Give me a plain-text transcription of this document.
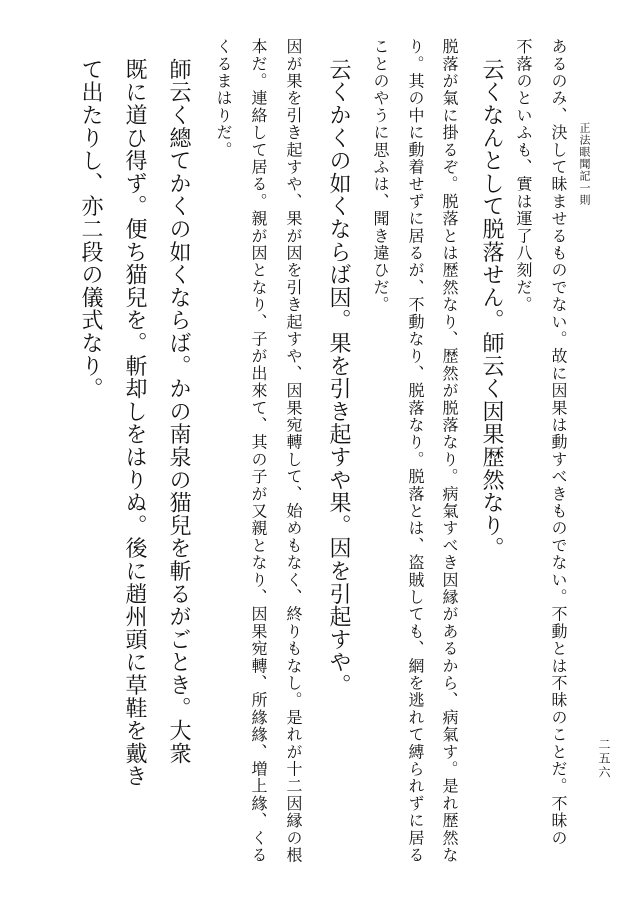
正法眼聞記一則
二五六
あるのみ、決して昧ませるものでない。故に因果は動すべきものでない。不動とは不昧のことだ。不昧の
不落のといふも、實は運了八刻だ。
云くなんとして脱落せん。師云く因果歴然なり。
脱落が氣に掛るぞ。脱落とは歴然なり、歴然が脱落なり。病氣すべき因縁があるから、病氣す。是れ歴然な
り。其の中に動着せずに居るが、不動なり、脱落なり。脱落とは、盗賊しても、網を逃れて縛られずに居る
ことのやうに思ふは、聞き違ひだ。
云くかくの如くならば因。果を引き起すや果。因を引起すや。
因が果を引き起すや、果が因を引き起すや、因果宛轉して、始めもなく、終りもなし。是れが十二因縁の根
本だ。連絡して居る。親が因となり、子が出來て、其の子が又親となり、因果宛轉、所緣緣、増上緣、くる
くるまはりだ。
師云く總てかくの如くならば。かの南泉の猫兒を斬るがごとき。大衆
既に道ひ得ず。便ち猫兒を。斬却しをはりぬ。後に趙州頭に草鞋を戴き
て出たりし、亦二段の儀式なり。
